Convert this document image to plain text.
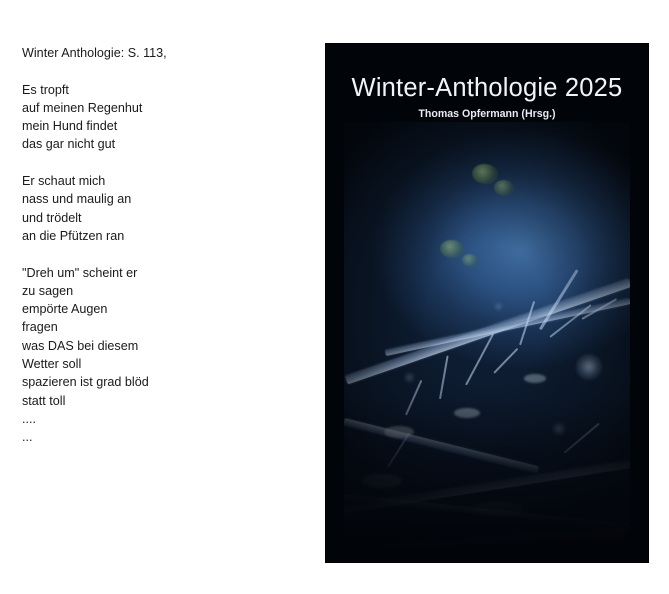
Winter Anthologie: S. 113,
Es tropft
auf meinen Regenhut
mein Hund findet
das gar nicht gut
Er schaut mich
nass und maulig an
und trödelt
an die Pfützen ran
"Dreh um" scheint er
zu sagen
empörte Augen
fragen
was DAS bei diesem
Wetter soll
spazieren ist grad blöd
statt toll
....
...
Winter-Anthologie 2025
Thomas Opfermann (Hrsg.)
